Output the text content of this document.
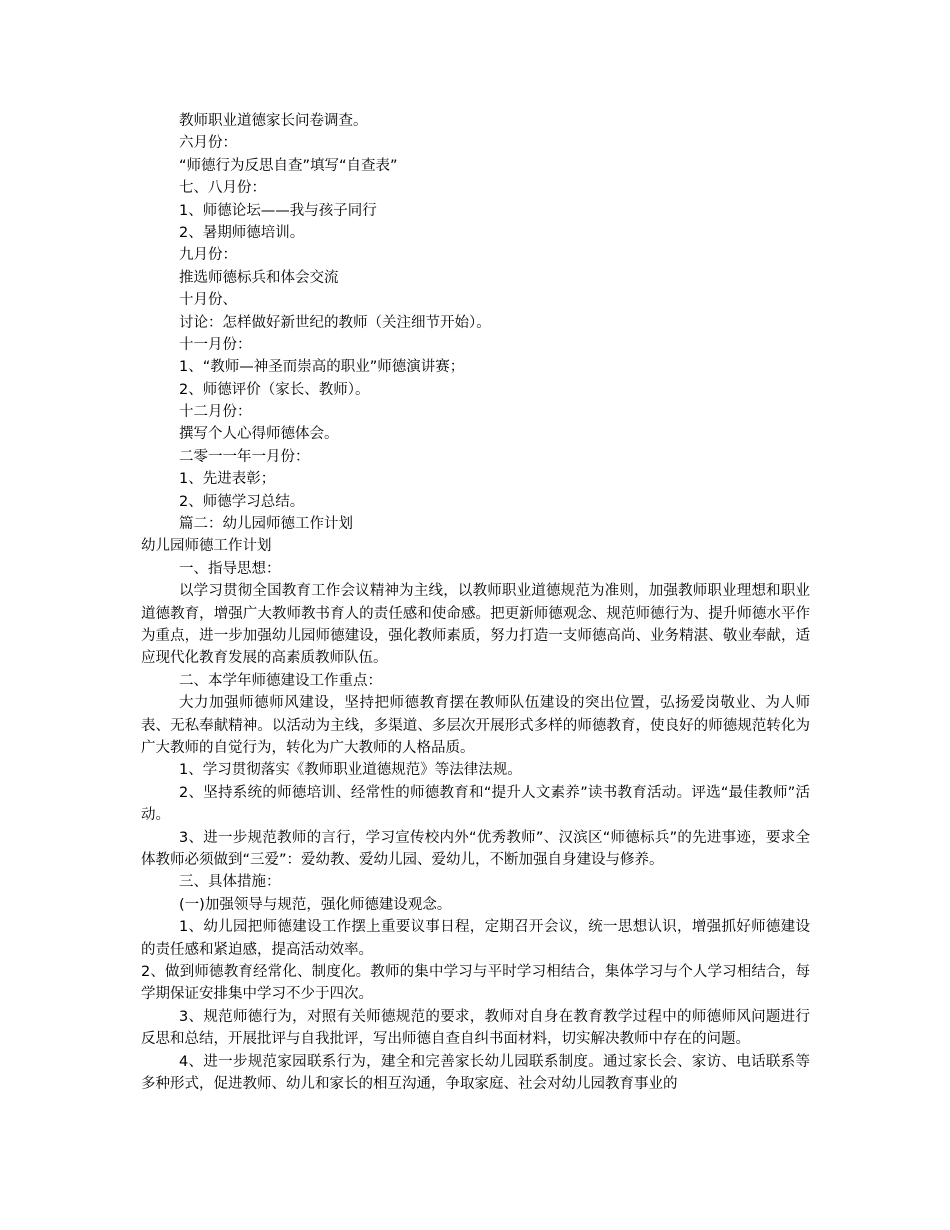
教师职业道德家长问卷调查。
六月份：
“师德行为反思自查”填写“自查表”
七、八月份：
1、师德论坛——我与孩子同行
2、暑期师德培训。
九月份：
推选师德标兵和体会交流
十月份、
讨论：怎样做好新世纪的教师（关注细节开始）。
十一月份：
1、“教师—神圣而崇高的职业”师德演讲赛；
2、师德评价（家长、教师）。
十二月份：
撰写个人心得师德体会。
二零一一年一月份：
1、先进表彰；
2、师德学习总结。
篇二：幼儿园师德工作计划
幼儿园师德工作计划
一、指导思想：

以学习贯彻全国教育工作会议精神为主线，以教师职业道德规范为准则，加强教师职业理想和职业道德教育，增强广大教师教书育人的责任感和使命感。把更新师德观念、规范师德行为、提升师德水平作为重点，进一步加强幼儿园师德建设，强化教师素质，努力打造一支师德高尚、业务精湛、敬业奉献，适应现代化教育发展的高素质教师队伍。

二、本学年师德建设工作重点：

大力加强师德师风建设，坚持把师德教育摆在教师队伍建设的突出位置，弘扬爱岗敬业、为人师表、无私奉献精神。以活动为主线，多渠道、多层次开展形式多样的师德教育，使良好的师德规范转化为广大教师的自觉行为，转化为广大教师的人格品质。

1、学习贯彻落实《教师职业道德规范》等法律法规。

2、坚持系统的师德培训、经常性的师德教育和“提升人文素养”读书教育活动。评选“最佳教师”活动。

3、进一步规范教师的言行，学习宣传校内外“优秀教师”、汉滨区“师德标兵”的先进事迹，要求全体教师必须做到“三爱”：爱幼教、爱幼儿园、爱幼儿，不断加强自身建设与修养。

三、具体措施：
(一)加强领导与规范，强化师德建设观念。

1、幼儿园把师德建设工作摆上重要议事日程，定期召开会议，统一思想认识，增强抓好师德建设的责任感和紧迫感，提高活动效率。

2、做到师德教育经常化、制度化。教师的集中学习与平时学习相结合，集体学习与个人学习相结合，每学期保证安排集中学习不少于四次。

3、规范师德行为，对照有关师德规范的要求，教师对自身在教育教学过程中的师德师风问题进行反思和总结，开展批评与自我批评，写出师德自查自纠书面材料，切实解决教师中存在的问题。

4、进一步规范家园联系行为，建全和完善家长幼儿园联系制度。通过家长会、家访、电话联系等多种形式，促进教师、幼儿和家长的相互沟通，争取家庭、社会对幼儿园教育事业的
